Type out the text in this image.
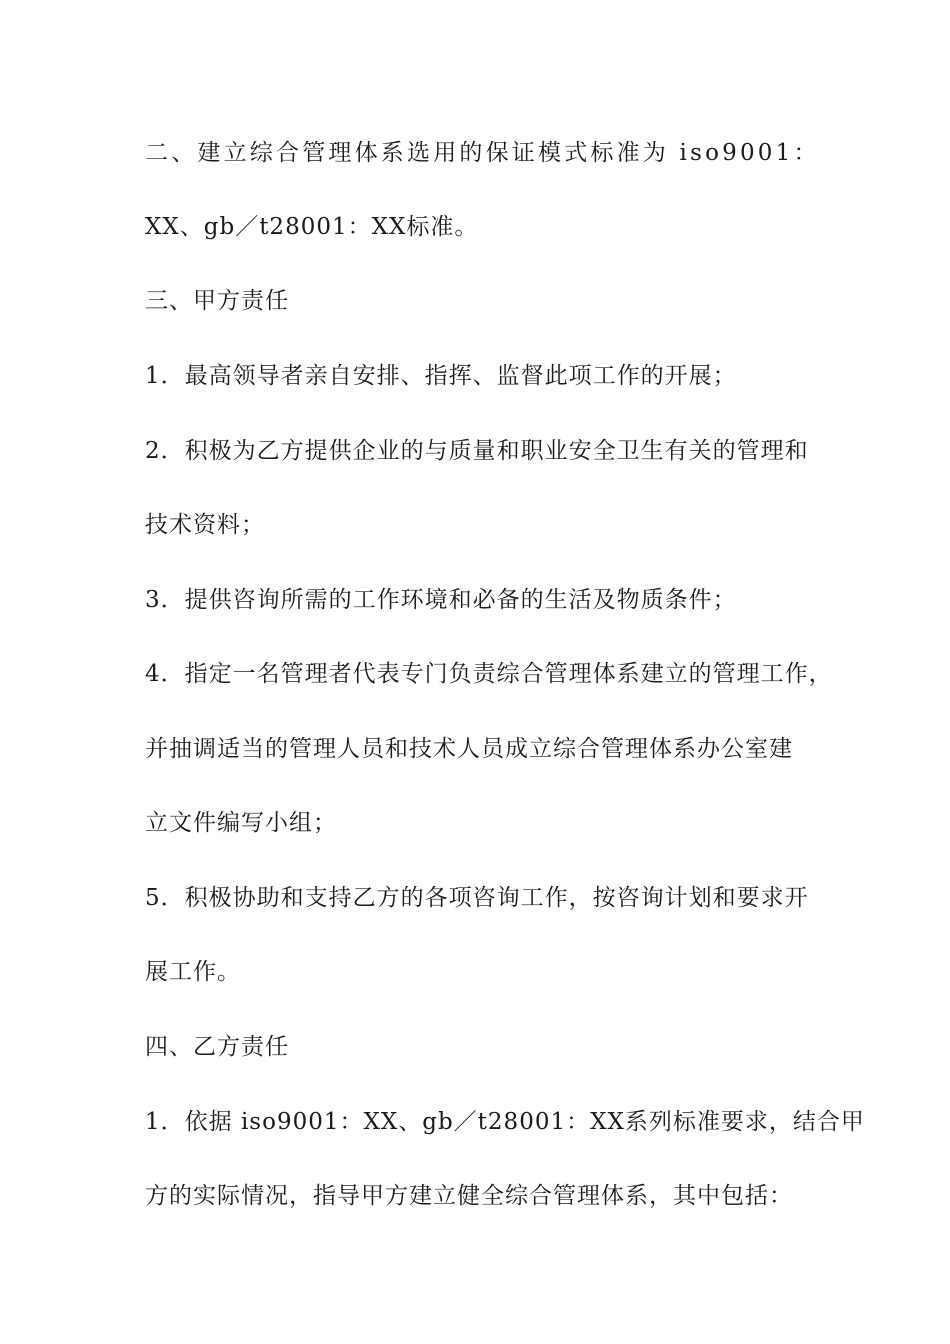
二、建立综合管理体系选用的保证模式标准为 iso9001：
XX、gb／t28001：XX标准。
三、甲方责任
1．最高领导者亲自安排、指挥、监督此项工作的开展；
2．积极为乙方提供企业的与质量和职业安全卫生有关的管理和
技术资料；
3．提供咨询所需的工作环境和必备的生活及物质条件；
4．指定一名管理者代表专门负责综合管理体系建立的管理工作，
并抽调适当的管理人员和技术人员成立综合管理体系办公室建
立文件编写小组；
5．积极协助和支持乙方的各项咨询工作，按咨询计划和要求开
展工作。
四、乙方责任
1．依据 iso9001：XX、gb／t28001：XX系列标准要求，结合甲
方的实际情况，指导甲方建立健全综合管理体系，其中包括：
